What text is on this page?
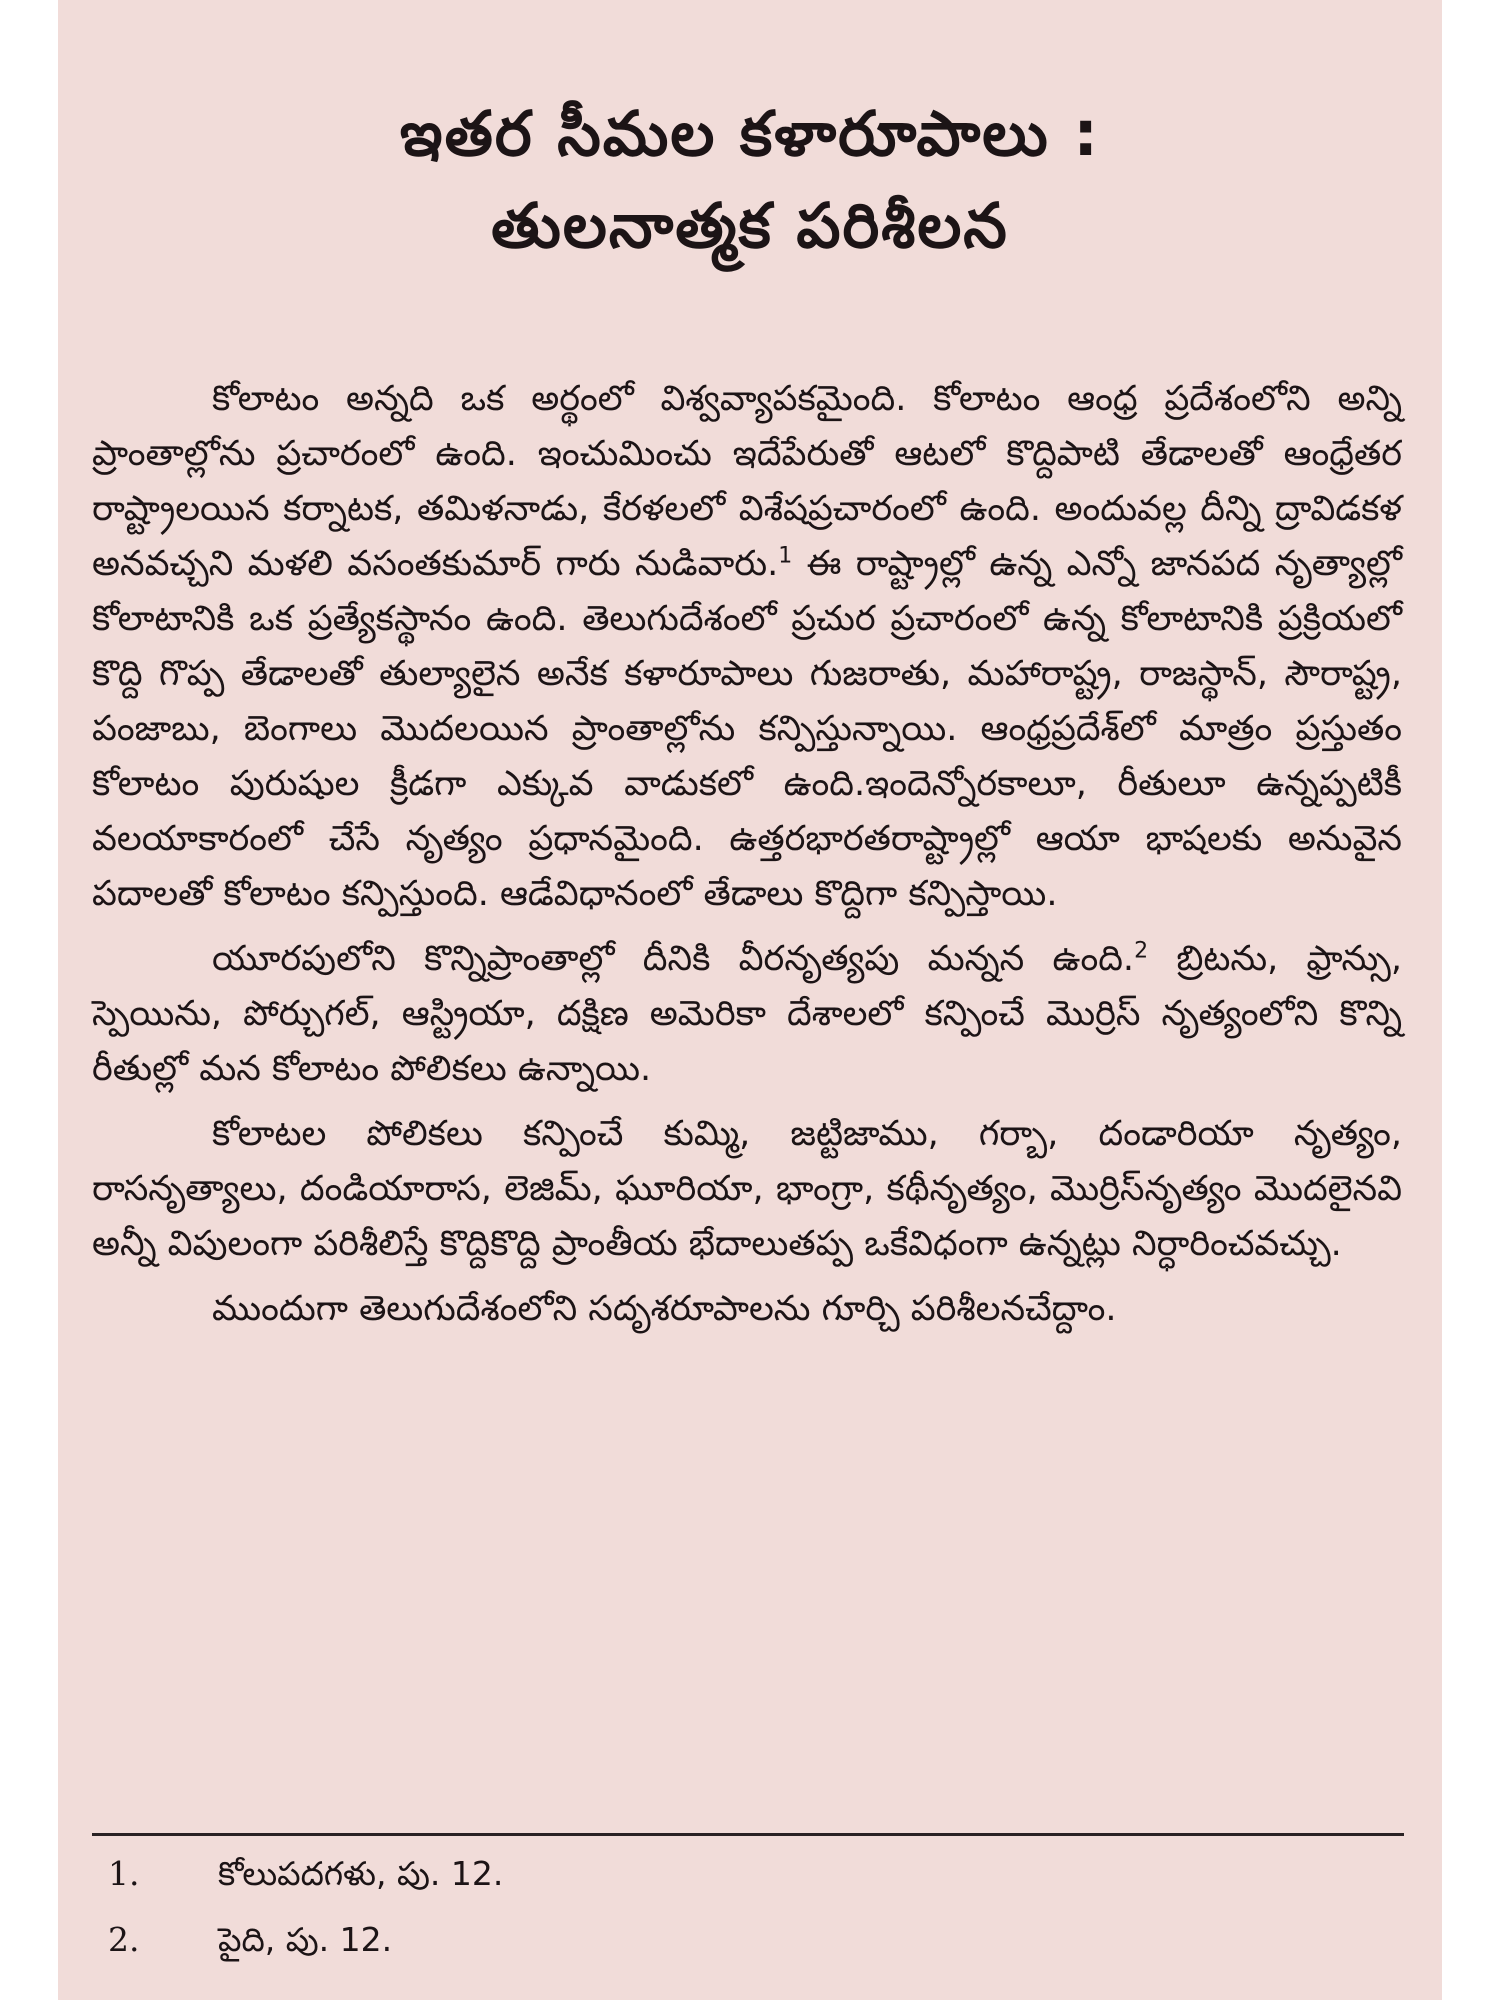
ఇతర సీమల కళారూపాలు :
తులనాత్మక పరిశీలన

కోలాటం అన్నది ఒక అర్థంలో విశ్వవ్యాపకమైంది. కోలాటం ఆంధ్ర ప్రదేశంలోని అన్ని ప్రాంతాల్లోను ప్రచారంలో ఉంది. ఇంచుమించు ఇదేపేరుతో ఆటలో కొద్దిపాటి తేడాలతో ఆంధ్రేతర రాష్ట్రాలయిన కర్నాటక, తమిళనాడు, కేరళలలో విశేషప్రచారంలో ఉంది. అందువల్ల దీన్ని ద్రావిడకళ అనవచ్చని మళలి వసంతకుమార్ గారు నుడివారు.$^1$ ఈ రాష్ట్రాల్లో ఉన్న ఎన్నో జానపద నృత్యాల్లో కోలాటానికి ఒక ప్రత్యేకస్థానం ఉంది. తెలుగుదేశంలో ప్రచుర ప్రచారంలో ఉన్న కోలాటానికి ప్రక్రియలో కొద్ది గొప్ప తేడాలతో తుల్యాలైన అనేక కళారూపాలు గుజరాతు, మహారాష్ట్ర, రాజస్థాన్, సౌరాష్ట్ర, పంజాబు, బెంగాలు మొదలయిన ప్రాంతాల్లోను కన్పిస్తున్నాయి. ఆంధ్రప్రదేశ్‌లో మాత్రం ప్రస్తుతం కోలాటం పురుషుల క్రీడగా ఎక్కువ వాడుకలో ఉంది.ఇందెన్నోరకాలూ, రీతులూ ఉన్నప్పటికీ వలయాకారంలో చేసే నృత్యం ప్రధానమైంది. ఉత్తరభారతరాష్ట్రాల్లో ఆయా భాషలకు అనువైన పదాలతో కోలాటం కన్పిస్తుంది. ఆడేవిధానంలో తేడాలు కొద్దిగా కన్పిస్తాయి.

యూరపులోని కొన్నిప్రాంతాల్లో దీనికి వీరనృత్యపు మన్నన ఉంది.$^2$ బ్రిటను, ఫ్రాన్సు, స్పెయిను, పోర్చుగల్, ఆస్ట్రియా, దక్షిణ అమెరికా దేశాలలో కన్పించే మొర్రిస్ నృత్యంలోని కొన్ని రీతుల్లో మన కోలాటం పోలికలు ఉన్నాయి.

కోలాటల పోలికలు కన్పించే కుమ్మి, జట్టిజాము, గర్బా, దండారియా నృత్యం, రాసనృత్యాలు, దండియారాస, లెజిమ్, ఘూరియా, భాంగ్రా, కథీనృత్యం, మొర్రిస్‌నృత్యం మొదలైనవి అన్నీ విపులంగా పరిశీలిస్తే కొద్దికొద్ది ప్రాంతీయ భేదాలుతప్ప ఒకేవిధంగా ఉన్నట్లు నిర్ధారించవచ్చు.

ముందుగా తెలుగుదేశంలోని సదృశరూపాలను గూర్చి పరిశీలనచేద్దాం.

1. కోలుపదగళు, పు. 12.
2. పైది, పు. 12.
